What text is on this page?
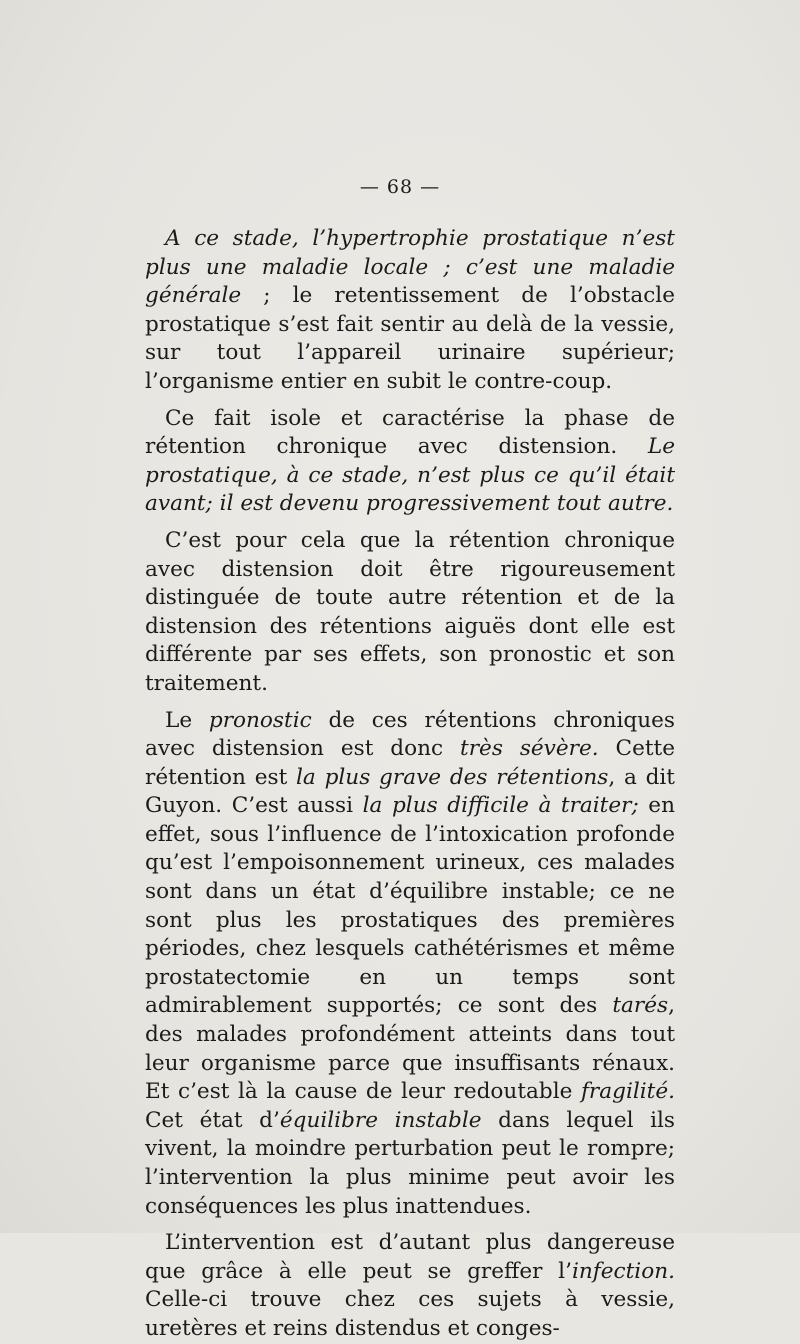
— 68 —

A ce stade, l’hypertrophie prostatique n’est plus une maladie locale ; c’est une maladie générale ; le retentissement de l’obstacle prostatique s’est fait sentir au delà de la vessie, sur tout l’appareil urinaire supérieur; l’organisme entier en subit le contre-coup.

Ce fait isole et caractérise la phase de rétention chronique avec distension. Le prostatique, à ce stade, n’est plus ce qu’il était avant; il est devenu progressivement tout autre.

C’est pour cela que la rétention chronique avec distension doit être rigoureusement distinguée de toute autre rétention et de la distension des rétentions aiguës dont elle est différente par ses effets, son pronostic et son traitement.

Le pronostic de ces rétentions chroniques avec distension est donc très sévère. Cette rétention est la plus grave des rétentions, a dit Guyon. C’est aussi la plus difficile à traiter; en effet, sous l’influence de l’intoxication profonde qu’est l’empoisonnement urineux, ces malades sont dans un état d’équilibre instable; ce ne sont plus les prostatiques des premières périodes, chez lesquels cathétérismes et même prostatectomie en un temps sont admirablement supportés; ce sont des tarés, des malades profondément atteints dans tout leur organisme parce que insuffisants rénaux. Et c’est là la cause de leur redoutable fragilité. Cet état d’équilibre instable dans lequel ils vivent, la moindre perturbation peut le rompre; l’intervention la plus minime peut avoir les conséquences les plus inattendues.

L’intervention est d’autant plus dangereuse que grâce à elle peut se greffer l’infection. Celle-ci trouve chez ces sujets à vessie, uretères et reins distendus et conges-
